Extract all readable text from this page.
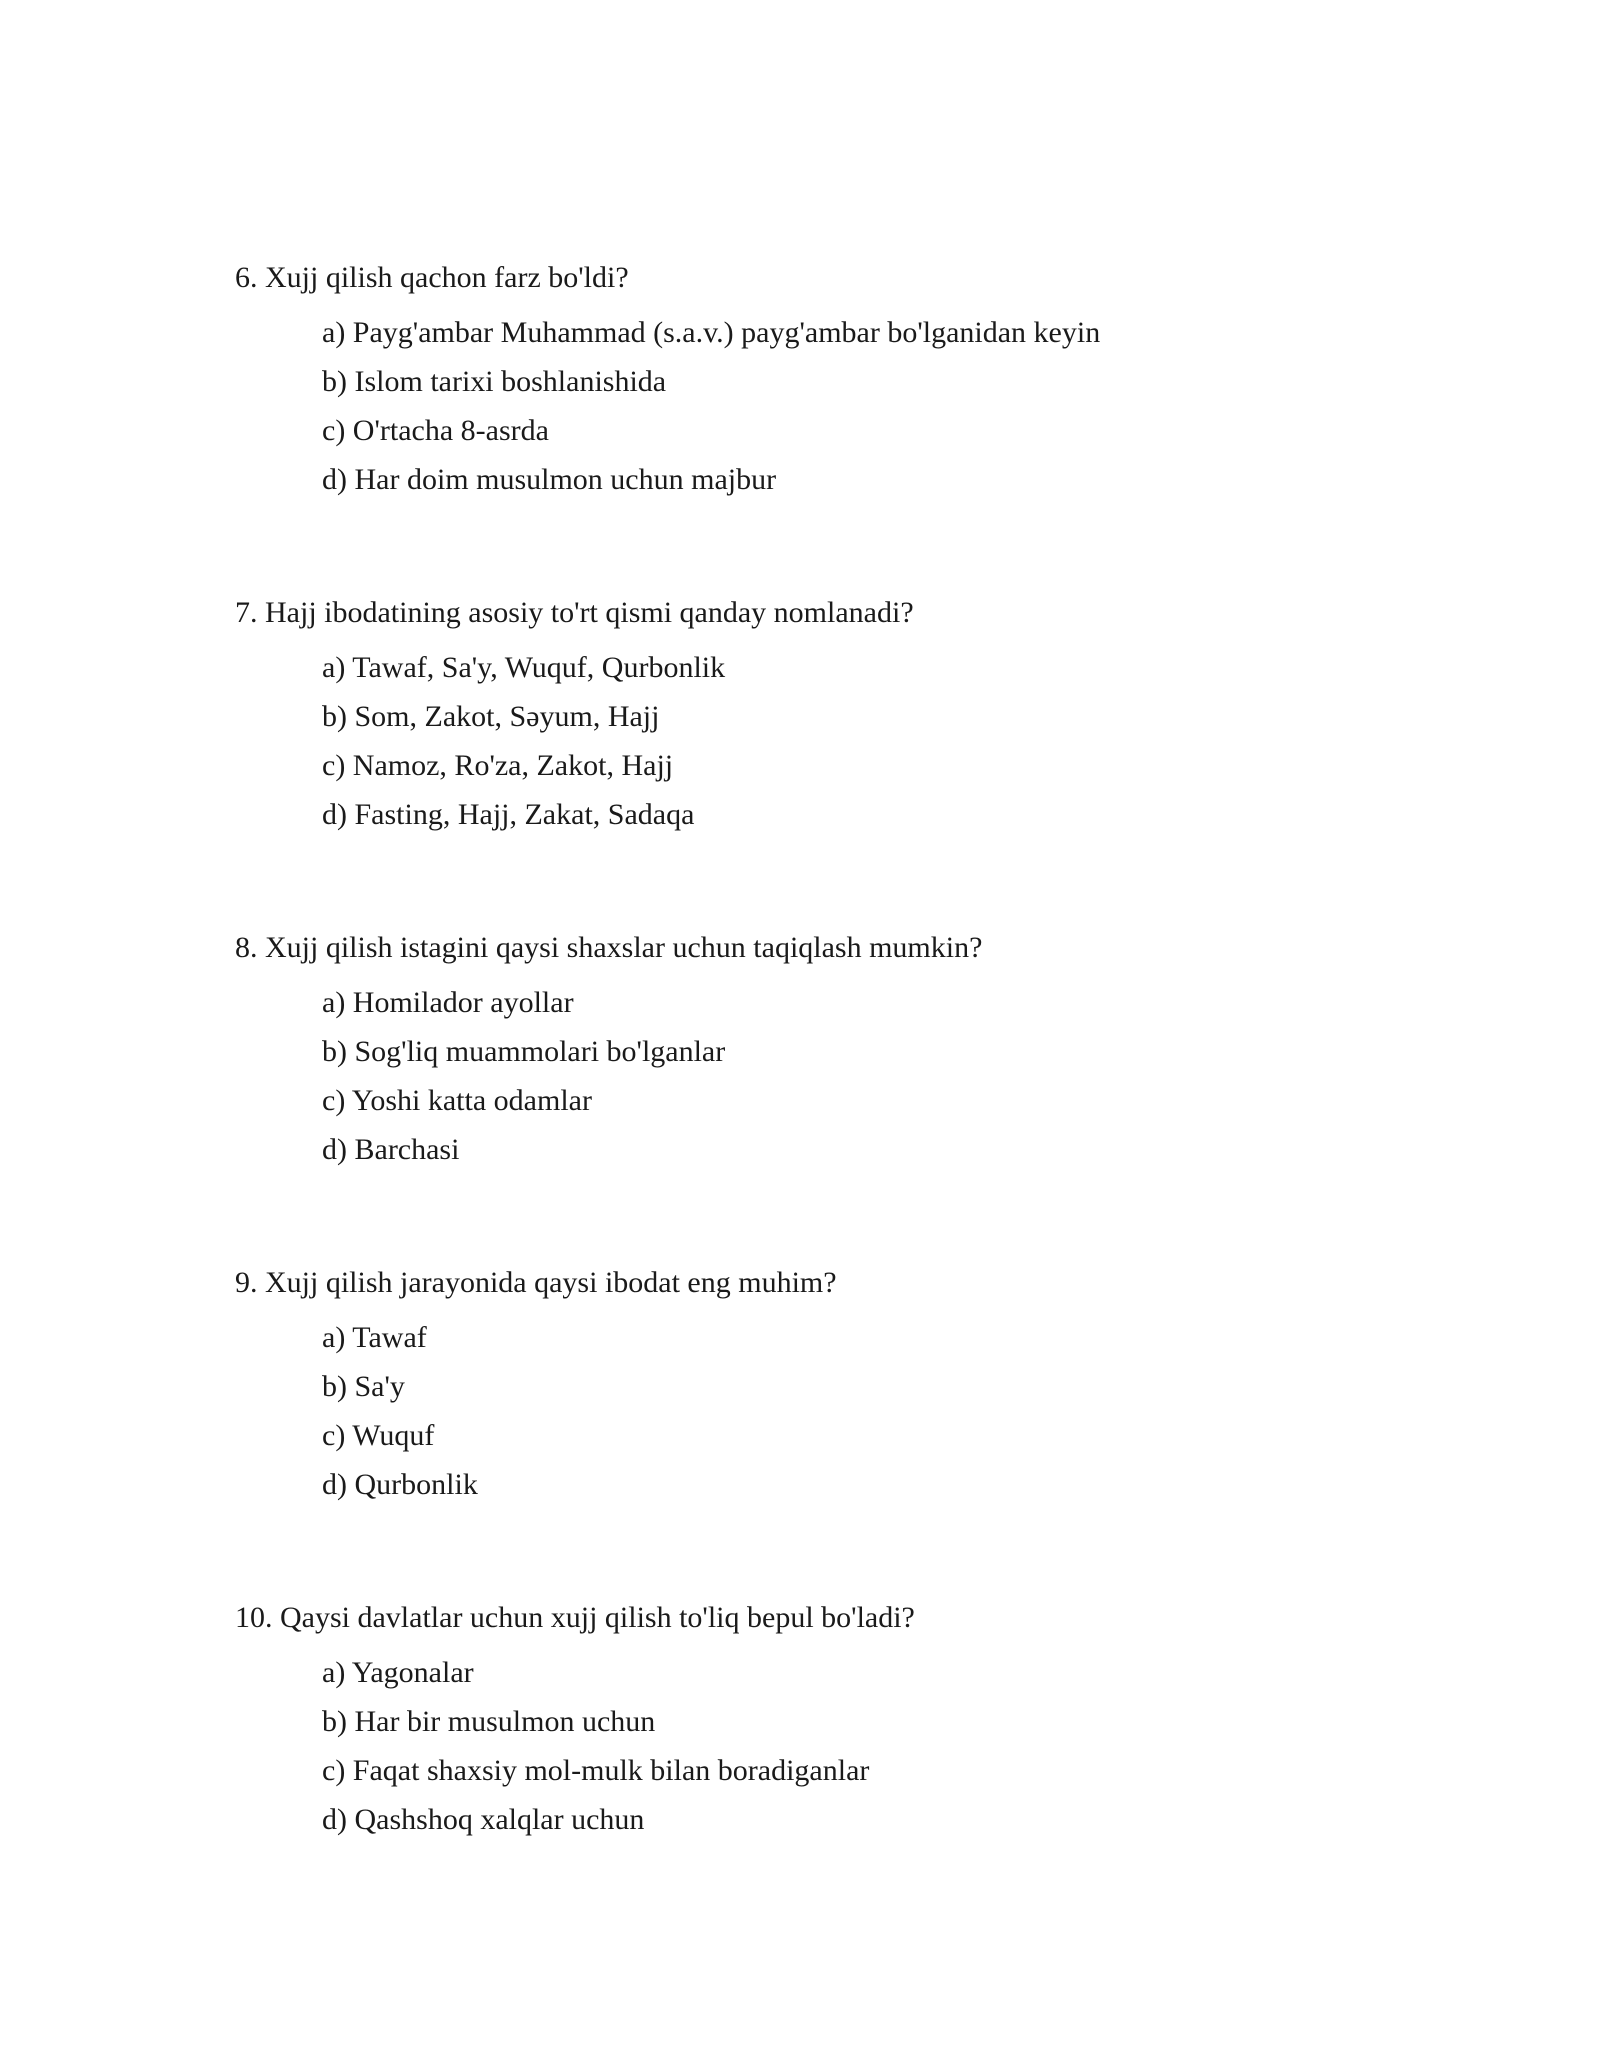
6. Xujj qilish qachon farz bo'ldi?
a) Payg'ambar Muhammad (s.a.v.) payg'ambar bo'lganidan keyin
b) Islom tarixi boshlanishida
c) O'rtacha 8-asrda
d) Har doim musulmon uchun majbur
7. Hajj ibodatining asosiy to'rt qismi qanday nomlanadi?
a) Tawaf, Sa'y, Wuquf, Qurbonlik
b) Som, Zakot, Səyum, Hajj
c) Namoz, Ro'za, Zakot, Hajj
d) Fasting, Hajj, Zakat, Sadaqa
8. Xujj qilish istagini qaysi shaxslar uchun taqiqlash mumkin?
a) Homilador ayollar
b) Sog'liq muammolari bo'lganlar
c) Yoshi katta odamlar
d) Barchasi
9. Xujj qilish jarayonida qaysi ibodat eng muhim?
a) Tawaf
b) Sa'y
c) Wuquf
d) Qurbonlik
10. Qaysi davlatlar uchun xujj qilish to'liq bepul bo'ladi?
a) Yagonalar
b) Har bir musulmon uchun
c) Faqat shaxsiy mol-mulk bilan boradiganlar
d) Qashshoq xalqlar uchun
